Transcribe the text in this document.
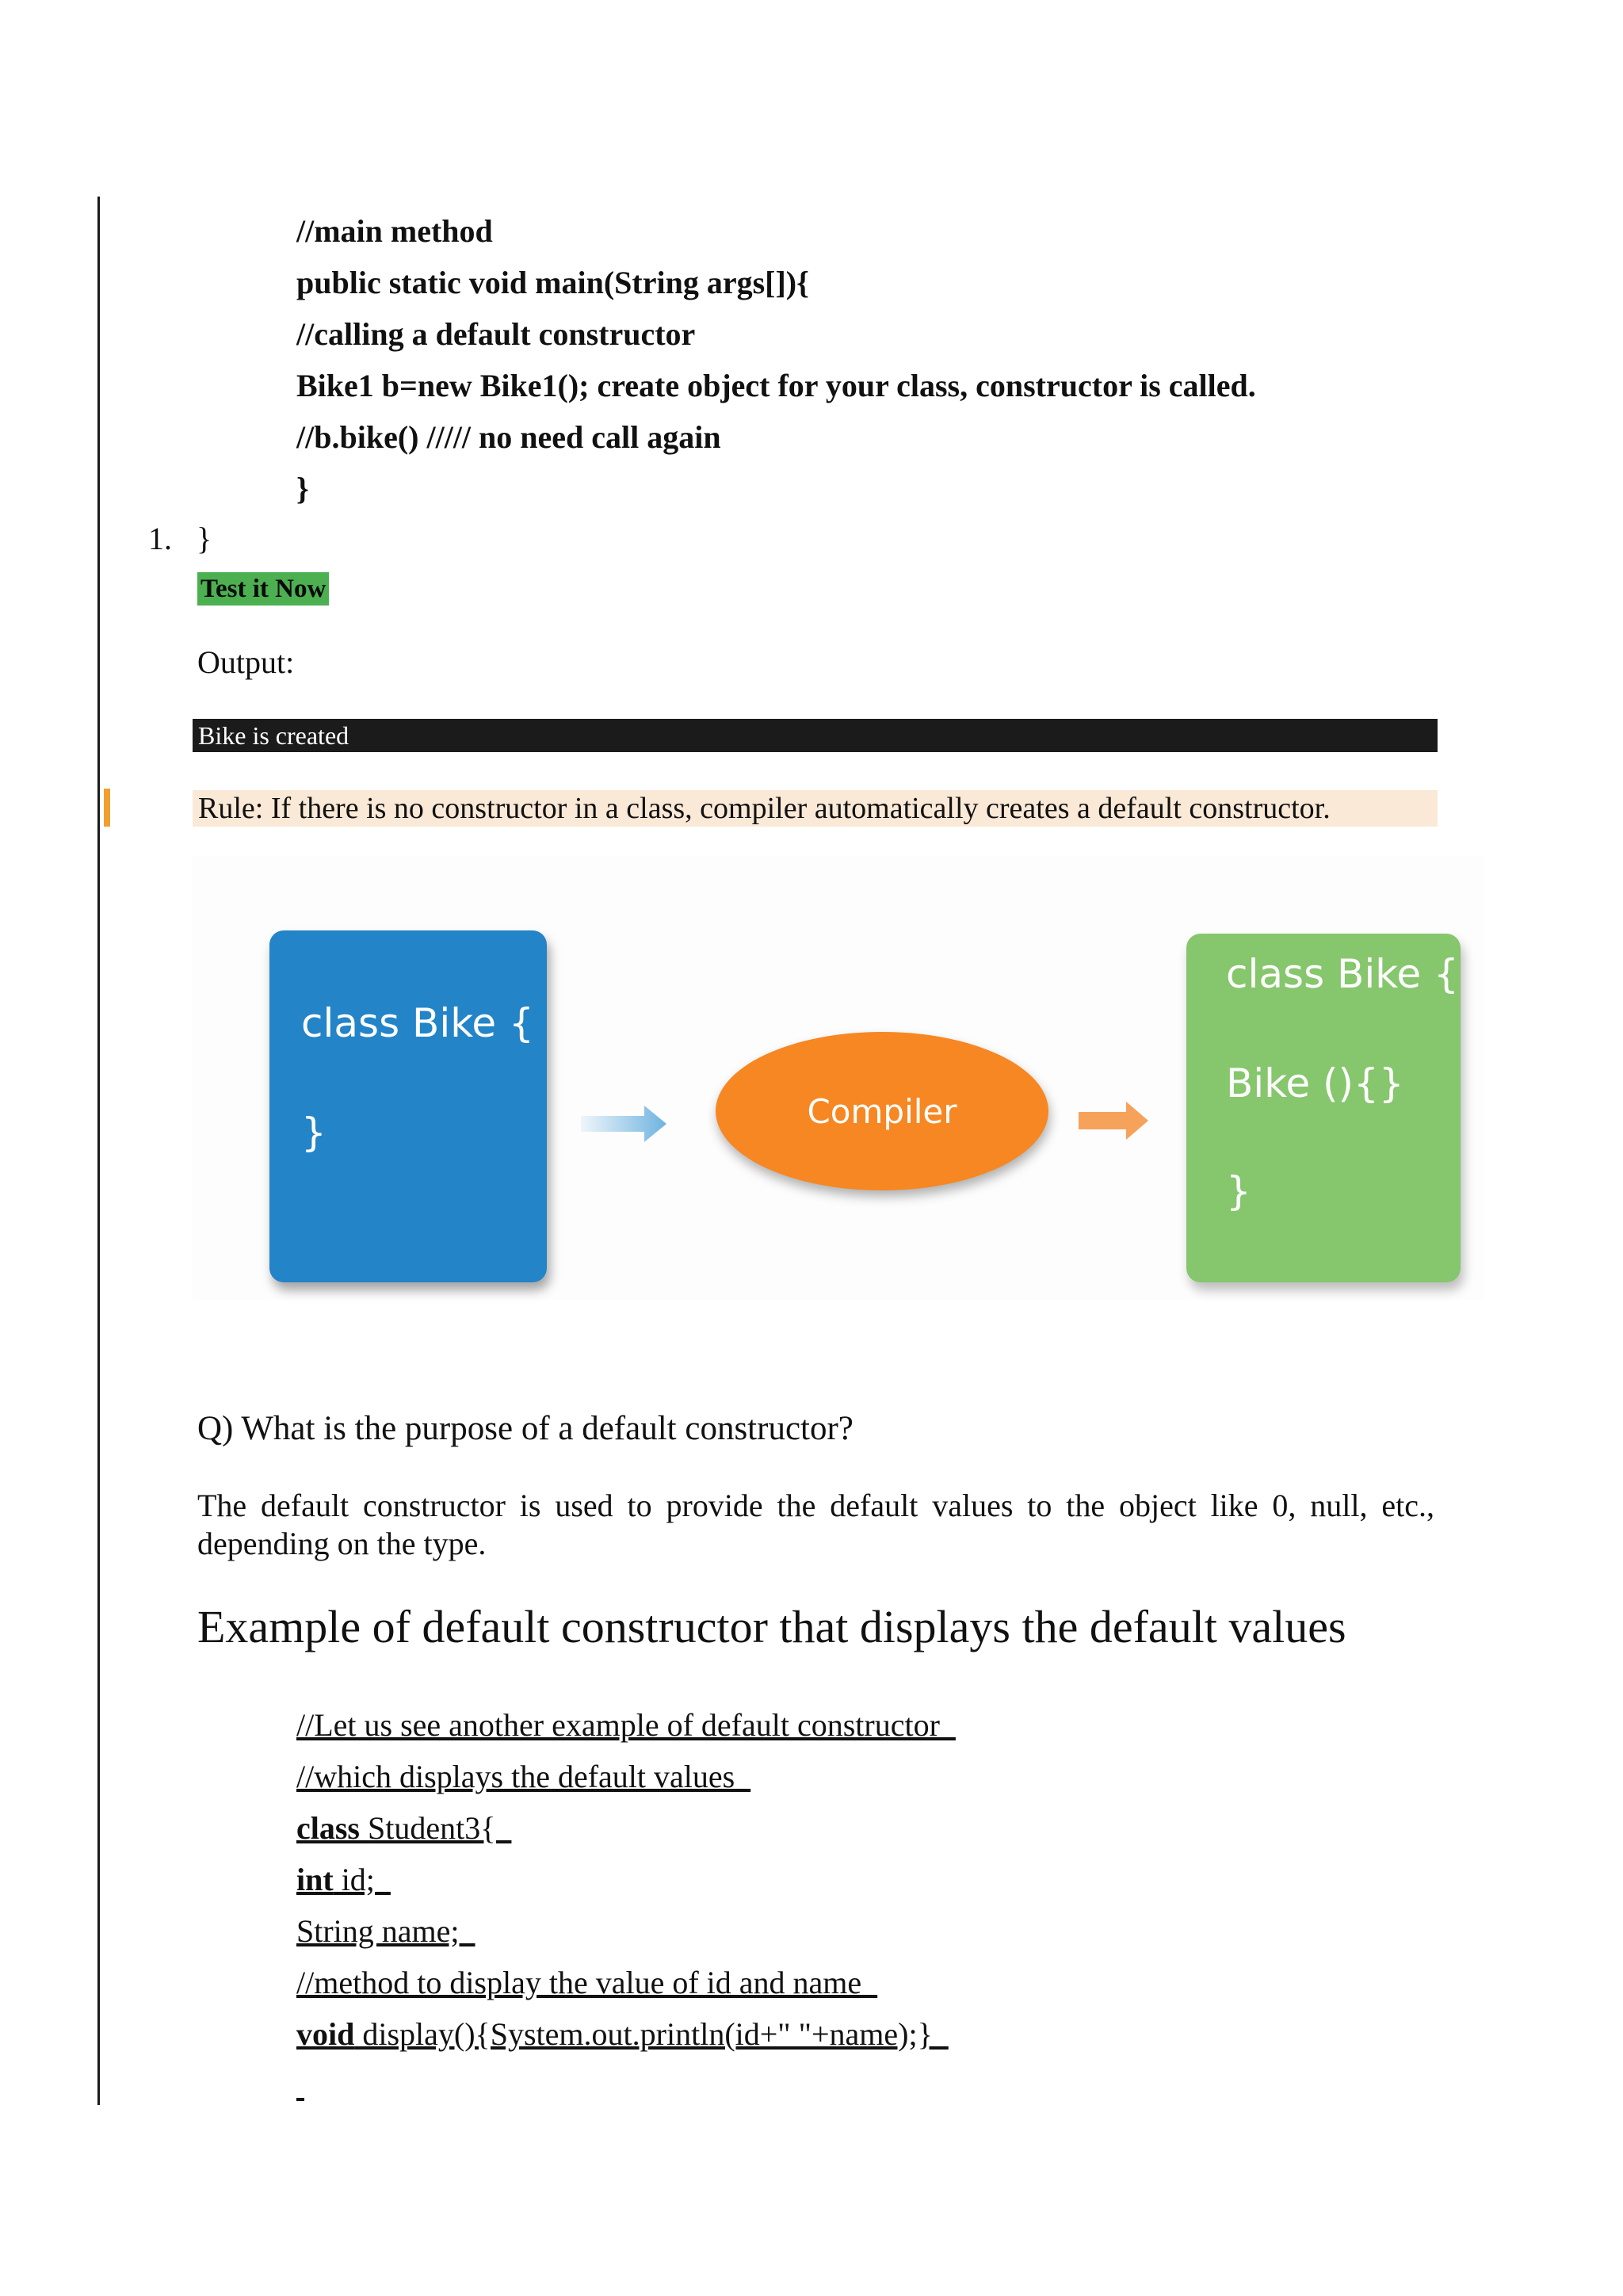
//main method
public static void main(String args[]){
//calling a default constructor
Bike1 b=new Bike1(); create object for your class, constructor is called.
//b.bike() ///// no need call again
}
1. }
Test it Now
Output:
Bike is created
Rule: If there is no constructor in a class, compiler automatically creates a default constructor.
class Bike {
}	Compiler
class Bike {
Bike (){}
}
Q) What is the purpose of a default constructor?
The default constructor is used to provide the default values to the object like 0, null, etc., depending on the type.
Example of default constructor that displays the default values
//Let us see another example of default constructor
//which displays the default values
class Student3{
int id;
String name;
//method to display the value of id and name
void display(){System.out.println(id+" "+name);}
